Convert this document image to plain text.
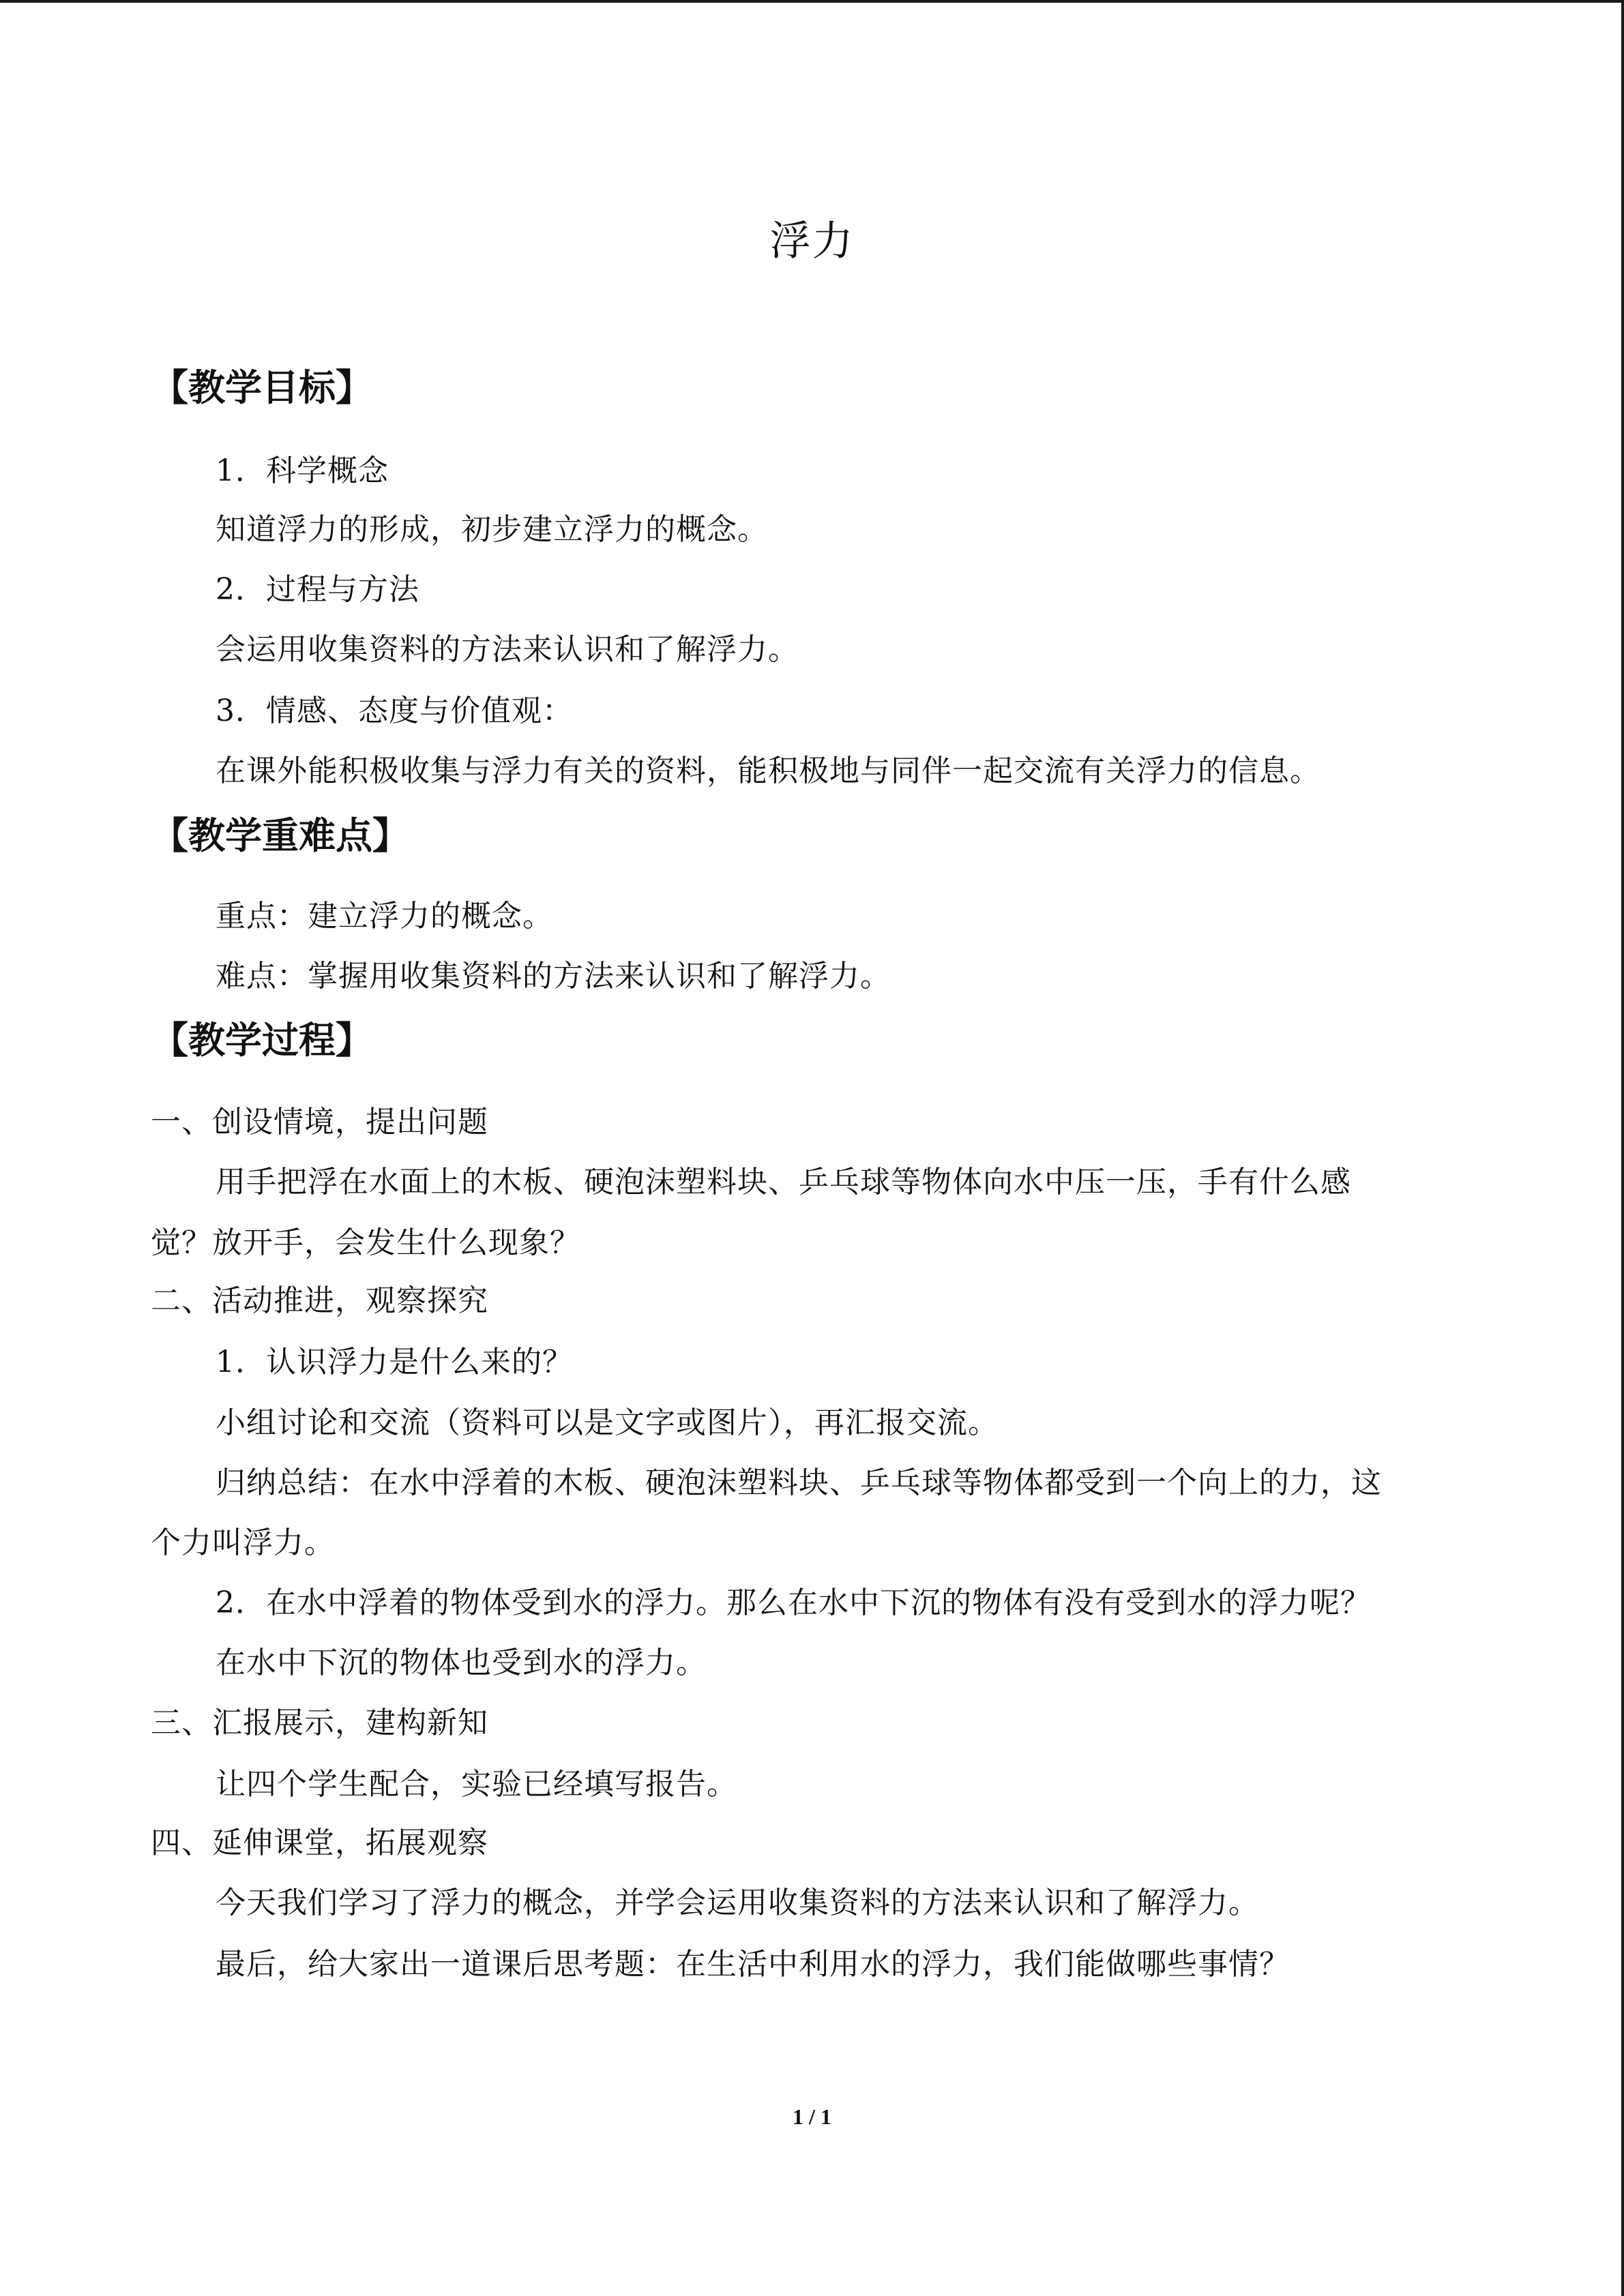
浮力
【教学目标】
1．科学概念
知道浮力的形成，初步建立浮力的概念。
2．过程与方法
会运用收集资料的方法来认识和了解浮力。
3．情感、态度与价值观：
在课外能积极收集与浮力有关的资料，能积极地与同伴一起交流有关浮力的信息。
【教学重难点】
重点：建立浮力的概念。
难点：掌握用收集资料的方法来认识和了解浮力。
【教学过程】
一、创设情境，提出问题
用手把浮在水面上的木板、硬泡沫塑料块、乒乓球等物体向水中压一压，手有什么感
觉？放开手，会发生什么现象？
二、活动推进，观察探究
1．认识浮力是什么来的？
小组讨论和交流（资料可以是文字或图片），再汇报交流。
归纳总结：在水中浮着的木板、硬泡沫塑料块、乒乓球等物体都受到一个向上的力，这
个力叫浮力。
2．在水中浮着的物体受到水的浮力。那么在水中下沉的物体有没有受到水的浮力呢？
在水中下沉的物体也受到水的浮力。
三、汇报展示，建构新知
让四个学生配合，实验已经填写报告。
四、延伸课堂，拓展观察
今天我们学习了浮力的概念，并学会运用收集资料的方法来认识和了解浮力。
最后，给大家出一道课后思考题：在生活中利用水的浮力，我们能做哪些事情？
1 / 1
